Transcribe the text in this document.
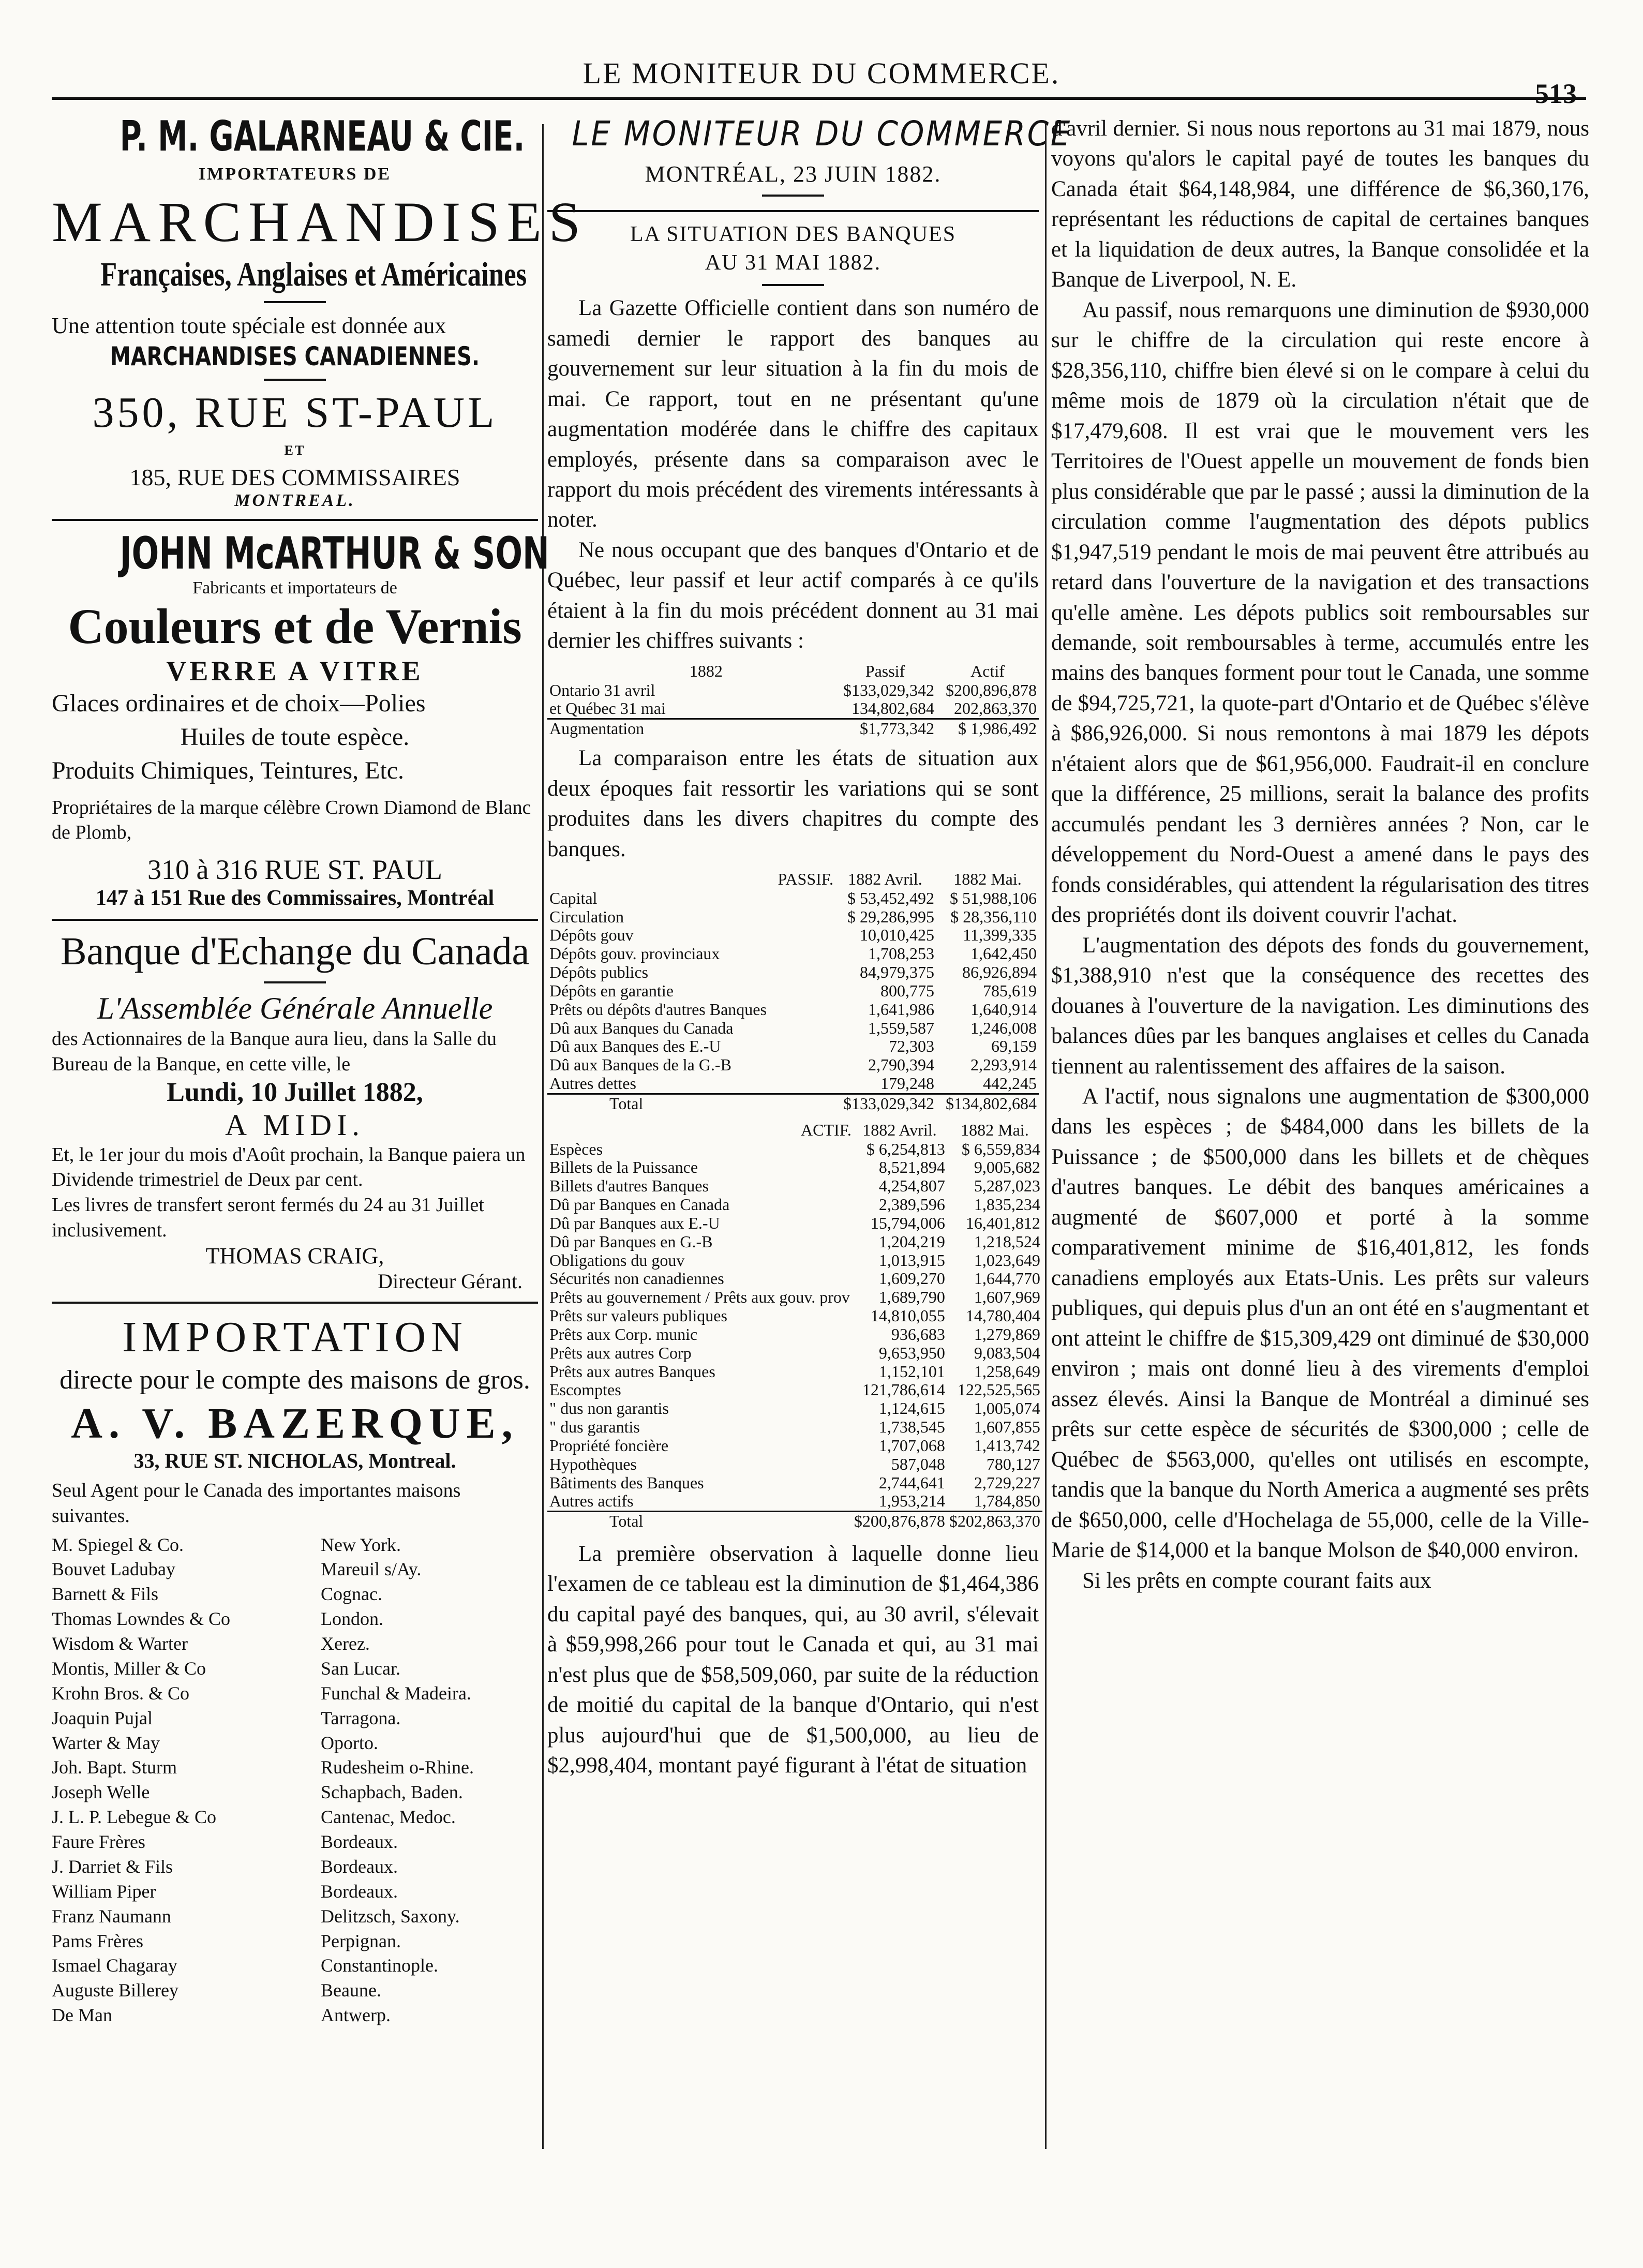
LE MONITEUR DU COMMERCE.
513
P. M. GALARNEAU & CIE.
IMPORTATEURS DE
MARCHANDISES
Françaises, Anglaises et Américaines
Une attention toute spéciale est donnée aux
MARCHANDISES CANADIENNES.
350, RUE ST-PAUL
ET
185, RUE DES COMMISSAIRES
MONTREAL.
JOHN McARTHUR & SON
Fabricants et importateurs de
Couleurs et de Vernis
VERRE A VITRE
Glaces ordinaires et de choix—Polies
Huiles de toute espèce.
Produits Chimiques, Teintures, Etc.
Propriétaires de la marque célèbre Crown Diamond de Blanc de Plomb,
310 à 316 RUE ST. PAUL
147 à 151 Rue des Commissaires, Montréal
Banque d'Echange du Canada
L'Assemblée Générale Annuelle
des Actionnaires de la Banque aura lieu, dans la Salle du Bureau de la Banque, en cette ville, le
Lundi, 10 Juillet 1882,
A MIDI.
Et, le 1er jour du mois d'Août prochain, la Banque paiera un Dividende trimestriel de Deux par cent.
Les livres de transfert seront fermés du 24 au 31 Juillet inclusivement.
THOMAS CRAIG,
Directeur Gérant.
IMPORTATION
directe pour le compte des maisons de gros.
A. V. BAZERQUE,
33, RUE ST. NICHOLAS, Montreal.
Seul Agent pour le Canada des importantes maisons suivantes.
M. Spiegel & Co.	New York.
Bouvet Ladubay	Mareuil s/Ay.
Barnett & Fils	Cognac.
Thomas Lowndes & Co	London.
Wisdom & Warter	Xerez.
Montis, Miller & Co	San Lucar.
Krohn Bros. & Co	Funchal & Madeira.
Joaquin Pujal	Tarragona.
Warter & May	Oporto.
Joh. Bapt. Sturm	Rudesheim o-Rhine.
Joseph Welle	Schapbach, Baden.
J. L. P. Lebegue & Co	Cantenac, Medoc.
Faure Frères	Bordeaux.
J. Darriet & Fils	Bordeaux.
William Piper	Bordeaux.
Franz Naumann	Delitzsch, Saxony.
Pams Frères	Perpignan.
Ismael Chagaray	Constantinople.
Auguste Billerey	Beaune.
De Man	Antwerp.
LE MONITEUR DU COMMERCE
MONTRÉAL, 23 JUIN 1882.
LA SITUATION DES BANQUES
AU 31 MAI 1882.

La Gazette Officielle contient dans son numéro de samedi dernier le rapport des banques au gouvernement sur leur situation à la fin du mois de mai. Ce rapport, tout en ne présentant qu'une augmentation modérée dans le chiffre des capitaux employés, présente dans sa comparaison avec le rapport du mois précédent des virements intéressants à noter.

Ne nous occupant que des banques d'Ontario et de Québec, leur passif et leur actif comparés à ce qu'ils étaient à la fin du mois précédent donnent au 31 mai dernier les chiffres suivants :

	1882	Passif	Actif
Ontario 31 avril		$133,029,342	$200,896,878
et Québec 31 mai		134,802,684	202,863,370
Augmentation		$1,773,342	$ 1,986,492

La comparaison entre les états de situation aux deux époques fait ressortir les variations qui se sont produites dans les divers chapitres du compte des banques.

PASSIF.	1882 Avril.	1882 Mai.
Capital	$ 53,452,492	$ 51,988,106
Circulation	$ 29,286,995	$ 28,356,110
Dépôts gouv	10,010,425	11,399,335
Dépôts gouv. provinciaux	1,708,253	1,642,450
Dépôts publics	84,979,375	86,926,894
Dépôts en garantie	800,775	785,619
Prêts ou dépôts d'autres Banques	1,641,986	1,640,914
Dû aux Banques du Canada	1,559,587	1,246,008
Dû aux Banques des E.-U	72,303	69,159
Dû aux Banques de la G.-B	2,790,394	2,293,914
Autres dettes	179,248	442,245
Total	$133,029,342	$134,802,684
ACTIF.	1882 Avril.	1882 Mai.
Espèces	$ 6,254,813	$ 6,559,834
Billets de la Puissance	8,521,894	9,005,682
Billets d'autres Banques	4,254,807	5,287,023
Dû par Banques en Canada	2,389,596	1,835,234
Dû par Banques aux E.-U	15,794,006	16,401,812
Dû par Banques en G.-B	1,204,219	1,218,524
Obligations du gouv	1,013,915	1,023,649
Sécurités non canadiennes	1,609,270	1,644,770
Prêts au gouvernement / Prêts aux gouv. prov	1,689,790	1,607,969
Prêts sur valeurs publiques	14,810,055	14,780,404
Prêts aux Corp. munic	936,683	1,279,869
Prêts aux autres Corp	9,653,950	9,083,504
Prêts aux autres Banques	1,152,101	1,258,649
Escomptes	121,786,614	122,525,565
" dus non garantis	1,124,615	1,005,074
" dus garantis	1,738,545	1,607,855
Propriété foncière	1,707,068	1,413,742
Hypothèques	587,048	780,127
Bâtiments des Banques	2,744,641	2,729,227
Autres actifs	1,953,214	1,784,850
Total	$200,876,878	$202,863,370

La première observation à laquelle donne lieu l'examen de ce tableau est la diminution de $1,464,386 du capital payé des banques, qui, au 30 avril, s'élevait à $59,998,266 pour tout le Canada et qui, au 31 mai n'est plus que de $58,509,060, par suite de la réduction de moitié du capital de la banque d'Ontario, qui n'est plus aujourd'hui que de $1,500,000, au lieu de $2,998,404, montant payé figurant à l'état de situation

d'avril dernier. Si nous nous reportons au 31 mai 1879, nous voyons qu'alors le capital payé de toutes les banques du Canada était $64,148,984, une différence de $6,360,176, représentant les réductions de capital de certaines banques et la liquidation de deux autres, la Banque consolidée et la Banque de Liverpool, N. E.

Au passif, nous remarquons une diminution de $930,000 sur le chiffre de la circulation qui reste encore à $28,356,110, chiffre bien élevé si on le compare à celui du même mois de 1879 où la circulation n'était que de $17,479,608. Il est vrai que le mouvement vers les Territoires de l'Ouest appelle un mouvement de fonds bien plus considérable que par le passé ; aussi la diminution de la circulation comme l'augmentation des dépots publics $1,947,519 pendant le mois de mai peuvent être attribués au retard dans l'ouverture de la navigation et des transactions qu'elle amène. Les dépots publics soit remboursables sur demande, soit remboursables à terme, accumulés entre les mains des banques forment pour tout le Canada, une somme de $94,725,721, la quote-part d'Ontario et de Québec s'élève à $86,926,000. Si nous remontons à mai 1879 les dépots n'étaient alors que de $61,956,000. Faudrait-il en conclure que la différence, 25 millions, serait la balance des profits accumulés pendant les 3 dernières années ? Non, car le développement du Nord-Ouest a amené dans le pays des fonds considérables, qui attendent la régularisation des titres des propriétés dont ils doivent couvrir l'achat.

L'augmentation des dépots des fonds du gouvernement, $1,388,910 n'est que la conséquence des recettes des douanes à l'ouverture de la navigation. Les diminutions des balances dûes par les banques anglaises et celles du Canada tiennent au ralentissement des affaires de la saison.

A l'actif, nous signalons une augmentation de $300,000 dans les espèces ; de $484,000 dans les billets de la Puissance ; de $500,000 dans les billets et de chèques d'autres banques. Le débit des banques américaines a augmenté de $607,000 et porté à la somme comparativement minime de $16,401,812, les fonds canadiens employés aux Etats-Unis. Les prêts sur valeurs publiques, qui depuis plus d'un an ont été en s'augmentant et ont atteint le chiffre de $15,309,429 ont diminué de $30,000 environ ; mais ont donné lieu à des virements d'emploi assez élevés. Ainsi la Banque de Montréal a diminué ses prêts sur cette espèce de sécurités de $300,000 ; celle de Québec de $563,000, qu'elles ont utilisés en escompte, tandis que la banque du North America a augmenté ses prêts de $650,000, celle d'Hochelaga de 55,000, celle de la Ville-Marie de $14,000 et la banque Molson de $40,000 environ.

Si les prêts en compte courant faits aux
